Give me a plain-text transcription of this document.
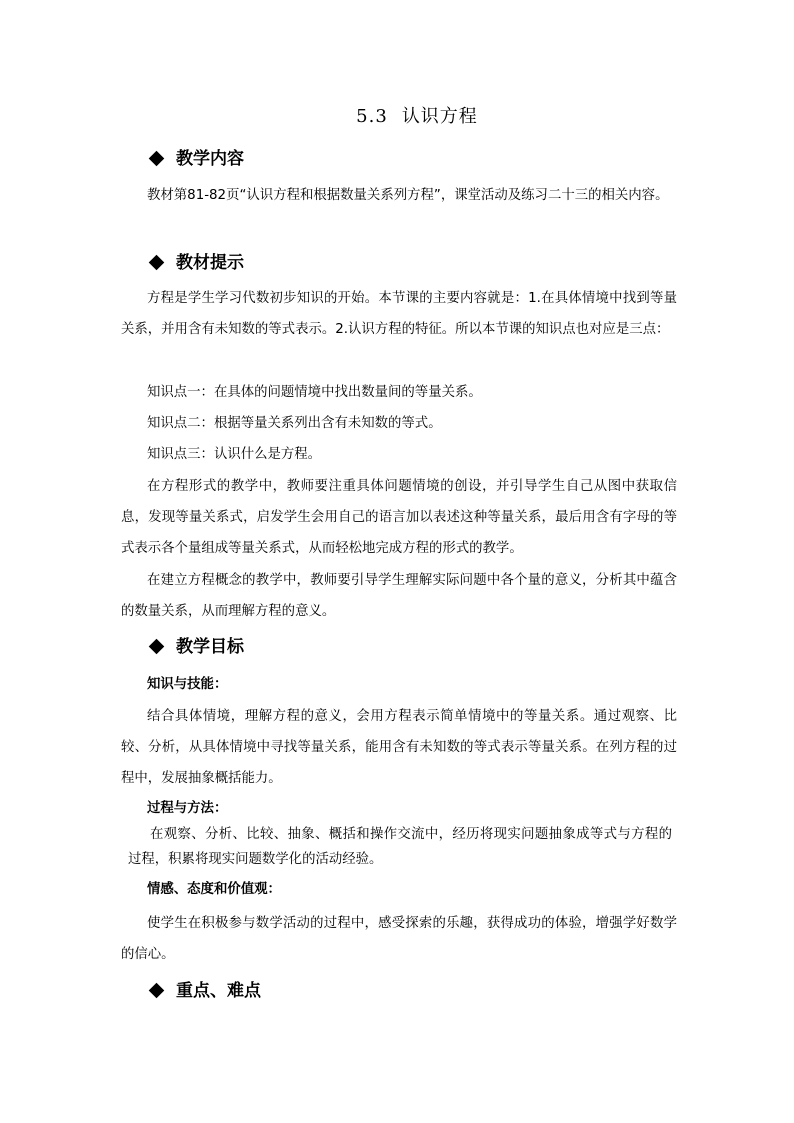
5.3 认识方程
教学内容
教材第81-82页“认识方程和根据数量关系列方程”，课堂活动及练习二十三的相关内容。
教材提示
方程是学生学习代数初步知识的开始。本节课的主要内容就是：1.在具体情境中找到等量关系，并用含有未知数的等式表示。2.认识方程的特征。所以本节课的知识点也对应是三点：
知识点一：在具体的问题情境中找出数量间的等量关系。
知识点二：根据等量关系列出含有未知数的等式。
知识点三：认识什么是方程。
在方程形式的教学中，教师要注重具体问题情境的创设，并引导学生自己从图中获取信息，发现等量关系式，启发学生会用自己的语言加以表述这种等量关系，最后用含有字母的等式表示各个量组成等量关系式，从而轻松地完成方程的形式的教学。
在建立方程概念的教学中，教师要引导学生理解实际问题中各个量的意义，分析其中蕴含的数量关系，从而理解方程的意义。
教学目标
知识与技能：
结合具体情境，理解方程的意义，会用方程表示简单情境中的等量关系。通过观察、比较、分析，从具体情境中寻找等量关系，能用含有未知数的等式表示等量关系。在列方程的过程中，发展抽象概括能力。
过程与方法：
在观察、分析、比较、抽象、概括和操作交流中，经历将现实问题抽象成等式与方程的过程，积累将现实问题数学化的活动经验。
情感、态度和价值观：
使学生在积极参与数学活动的过程中，感受探索的乐趣，获得成功的体验，增强学好数学的信心。
重点、难点
